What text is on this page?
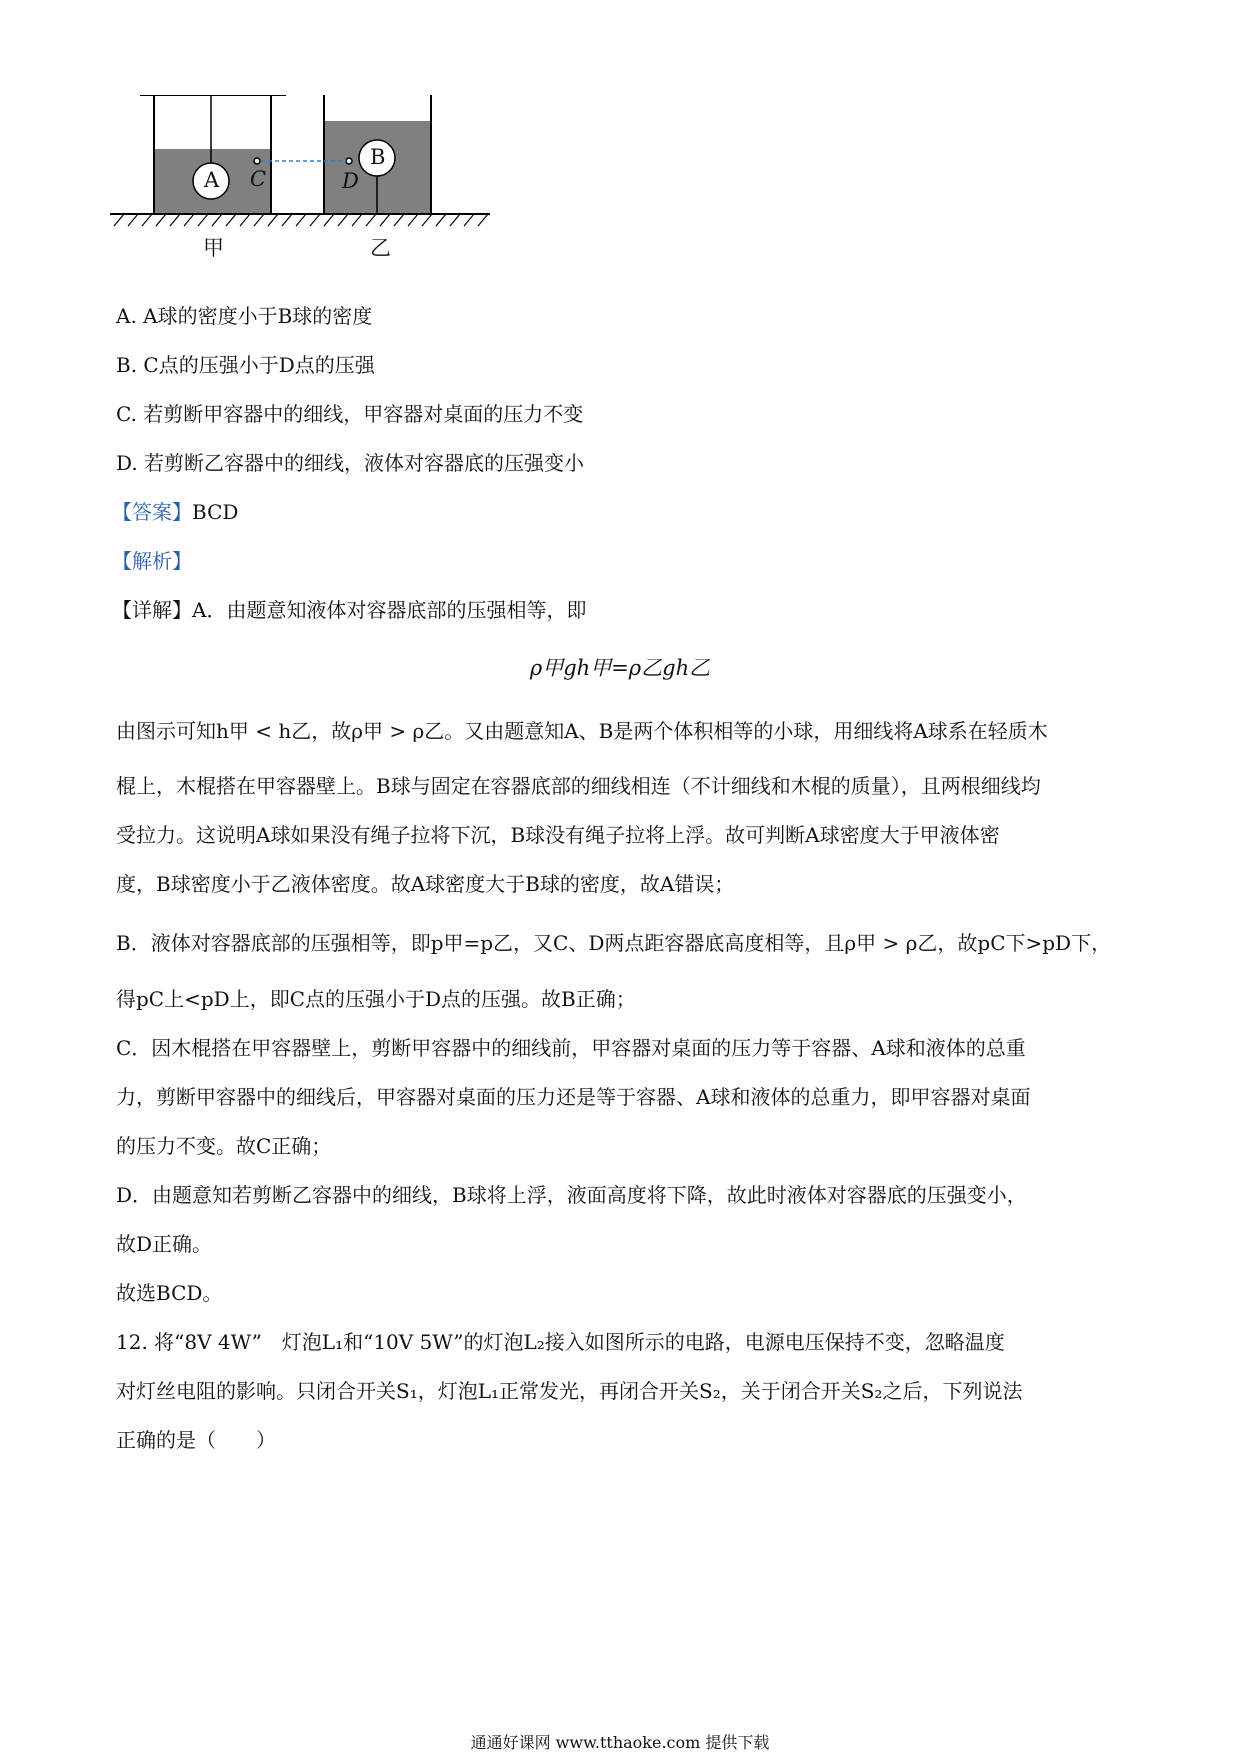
A
B
C	D
甲	乙
A. A球的密度小于B球的密度
B. C点的压强小于D点的压强
C. 若剪断甲容器中的细线，甲容器对桌面的压力不变
D. 若剪断乙容器中的细线，液体对容器底的压强变小
【答案】BCD
【解析】
【详解】A．由题意知液体对容器底部的压强相等，即
ρ甲gh甲=ρ乙gh乙
由图示可知h甲 < h乙，故ρ甲 > ρ乙。又由题意知A、B是两个体积相等的小球，用细线将A球系在轻质木
棍上，木棍搭在甲容器壁上。B球与固定在容器底部的细线相连（不计细线和木棍的质量），且两根细线均
受拉力。这说明A球如果没有绳子拉将下沉，B球没有绳子拉将上浮。故可判断A球密度大于甲液体密
度，B球密度小于乙液体密度。故A球密度大于B球的密度，故A错误；
B．液体对容器底部的压强相等，即p甲=p乙，又C、D两点距容器底高度相等，且ρ甲 > ρ乙，故pC下>pD下，
得pC上<pD上，即C点的压强小于D点的压强。故B正确；
C．因木棍搭在甲容器壁上，剪断甲容器中的细线前，甲容器对桌面的压力等于容器、A球和液体的总重
力，剪断甲容器中的细线后，甲容器对桌面的压力还是等于容器、A球和液体的总重力，即甲容器对桌面
的压力不变。故C正确；
D．由题意知若剪断乙容器中的细线，B球将上浮，液面高度将下降，故此时液体对容器底的压强变小，
故D正确。
故选BCD。
12. 将“8V 4W”　灯泡L₁和“10V 5W”的灯泡L₂接入如图所示的电路，电源电压保持不变，忽略温度
对灯丝电阻的影响。只闭合开关S₁，灯泡L₁正常发光，再闭合开关S₂，关于闭合开关S₂之后，下列说法
正确的是（　　）
通通好课网 www.tthaoke.com 提供下载
